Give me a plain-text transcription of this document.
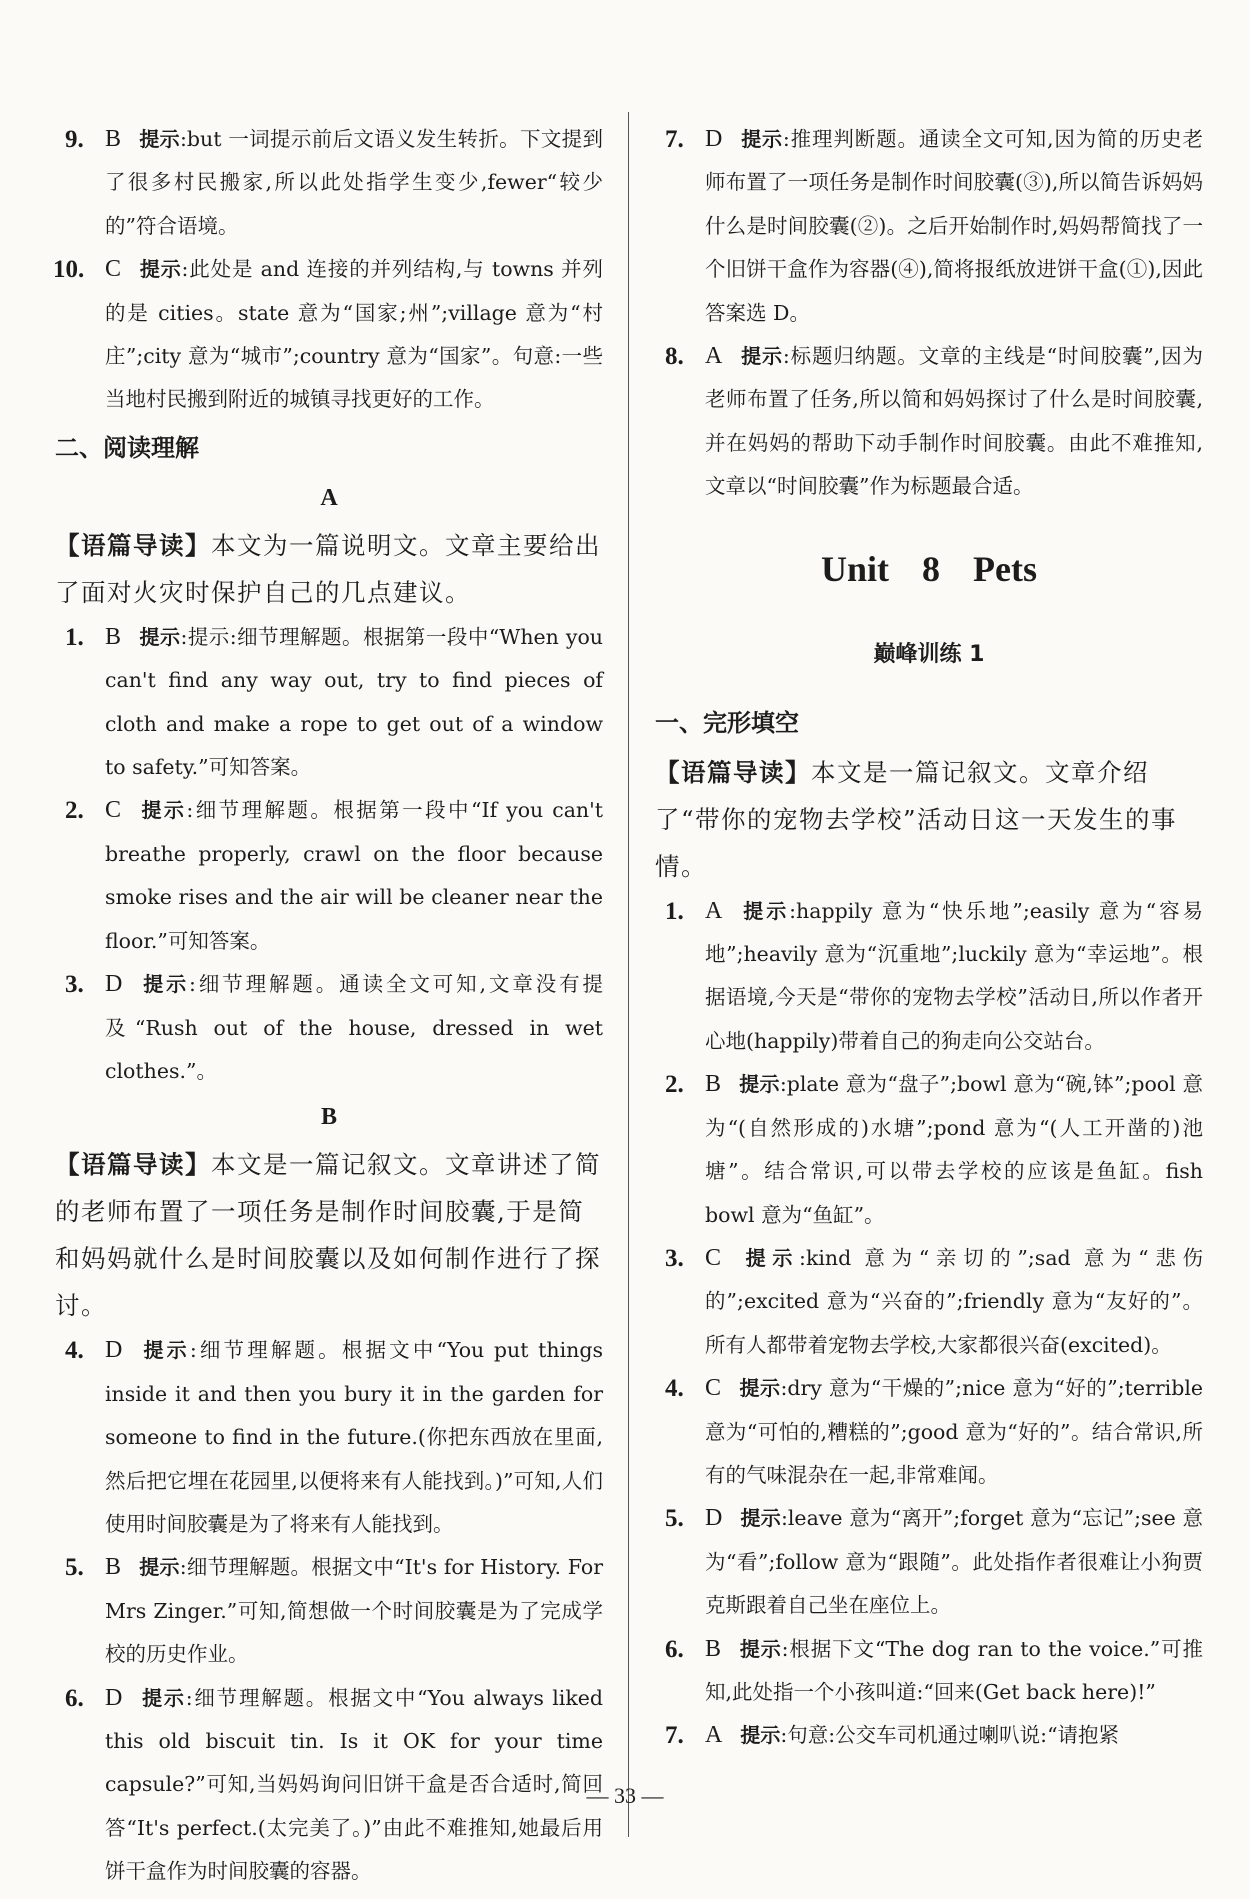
9. B 提示:but 一词提示前后文语义发生转折。下文提到了很多村民搬家,所以此处指学生变少,fewer“较少的”符合语境。
10. C 提示:此处是 and 连接的并列结构,与 towns 并列的是 cities。state 意为“国家;州”;village 意为“村庄”;city 意为“城市”;country 意为“国家”。句意:一些当地村民搬到附近的城镇寻找更好的工作。
二、阅读理解
A
【语篇导读】本文为一篇说明文。文章主要给出了面对火灾时保护自己的几点建议。
1. B 提示:提示:细节理解题。根据第一段中“When you can't find any way out, try to find pieces of cloth and make a rope to get out of a window to safety.”可知答案。
2. C 提示:细节理解题。根据第一段中“If you can't breathe properly, crawl on the floor because smoke rises and the air will be cleaner near the floor.”可知答案。
3. D 提示:细节理解题。通读全文可知,文章没有提及“Rush out of the house, dressed in wet clothes.”。
B
【语篇导读】本文是一篇记叙文。文章讲述了简的老师布置了一项任务是制作时间胶囊,于是简和妈妈就什么是时间胶囊以及如何制作进行了探讨。
4. D 提示:细节理解题。根据文中“You put things inside it and then you bury it in the garden for someone to find in the future.(你把东西放在里面,然后把它埋在花园里,以便将来有人能找到。)”可知,人们使用时间胶囊是为了将来有人能找到。
5. B 提示:细节理解题。根据文中“It's for History. For Mrs Zinger.”可知,简想做一个时间胶囊是为了完成学校的历史作业。
6. D 提示:细节理解题。根据文中“You always liked this old biscuit tin. Is it OK for your time capsule?”可知,当妈妈询问旧饼干盒是否合适时,简回答“It's perfect.(太完美了。)”由此不难推知,她最后用饼干盒作为时间胶囊的容器。
7. D 提示:推理判断题。通读全文可知,因为简的历史老师布置了一项任务是制作时间胶囊(③),所以简告诉妈妈什么是时间胶囊(②)。之后开始制作时,妈妈帮简找了一个旧饼干盒作为容器(④),简将报纸放进饼干盒(①),因此答案选 D。
8. A 提示:标题归纳题。文章的主线是“时间胶囊”,因为老师布置了任务,所以简和妈妈探讨了什么是时间胶囊,并在妈妈的帮助下动手制作时间胶囊。由此不难推知,文章以“时间胶囊”作为标题最合适。
Unit 8 Pets
巅峰训练 1
一、完形填空
【语篇导读】本文是一篇记叙文。文章介绍了“带你的宠物去学校”活动日这一天发生的事情。
1. A 提示:happily 意为“快乐地”;easily 意为“容易地”;heavily 意为“沉重地”;luckily 意为“幸运地”。根据语境,今天是“带你的宠物去学校”活动日,所以作者开心地(happily)带着自己的狗走向公交站台。
2. B 提示:plate 意为“盘子”;bowl 意为“碗,钵”;pool 意为“(自然形成的)水塘”;pond 意为“(人工开凿的)池塘”。结合常识,可以带去学校的应该是鱼缸。fish bowl 意为“鱼缸”。
3. C 提示:kind 意为“亲切的”;sad 意为“悲伤的”;excited 意为“兴奋的”;friendly 意为“友好的”。所有人都带着宠物去学校,大家都很兴奋(excited)。
4. C 提示:dry 意为“干燥的”;nice 意为“好的”;terrible 意为“可怕的,糟糕的”;good 意为“好的”。结合常识,所有的气味混杂在一起,非常难闻。
5. D 提示:leave 意为“离开”;forget 意为“忘记”;see 意为“看”;follow 意为“跟随”。此处指作者很难让小狗贾克斯跟着自己坐在座位上。
6. B 提示:根据下文“The dog ran to the voice.”可推知,此处指一个小孩叫道:“回来(Get back here)!”
7. A 提示:句意:公交车司机通过喇叭说:“请抱紧
— 33 —
